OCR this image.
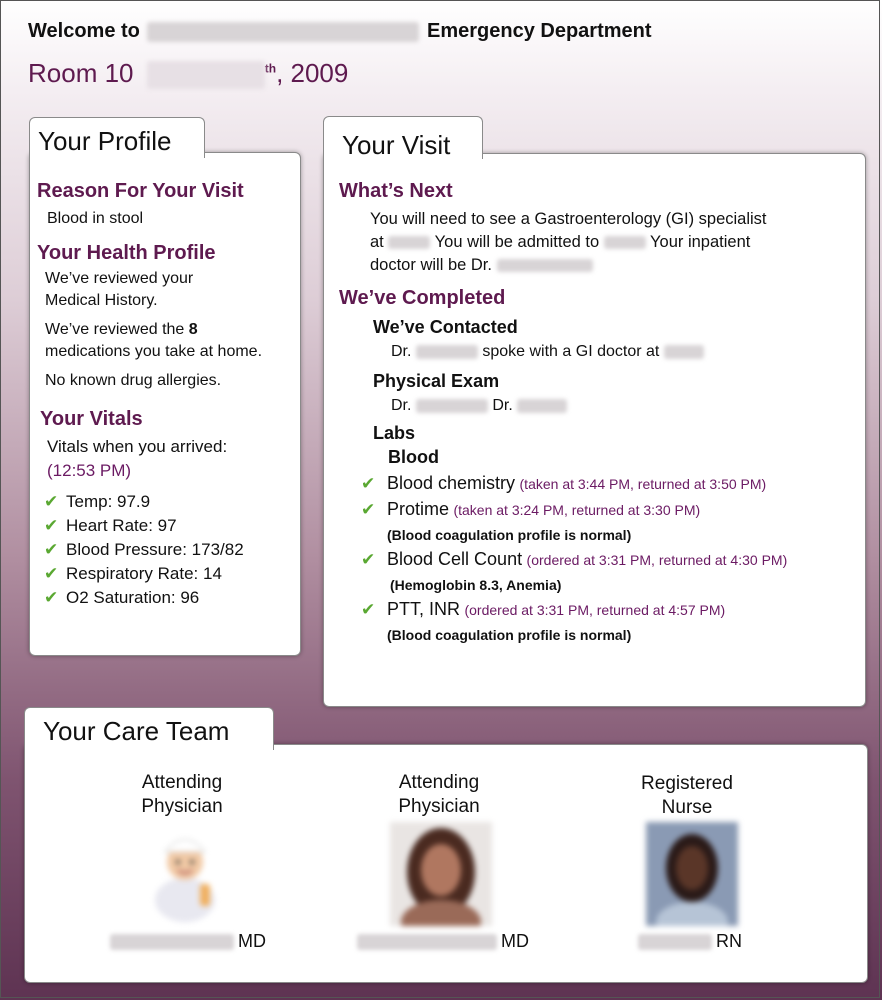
Welcome to	Emergency Department
Room 10	$^{th}$, 2009
Your Profile
Reason For Your Visit
Blood in stool
Your Health Profile
We’ve reviewed your
Medical History.
We’ve reviewed the 8
medications you take at home.
No known drug allergies.
Your Vitals
Vitals when you arrived:
(12:53 PM)
✔ Temp: 97.9
✔ Heart Rate: 97
✔ Blood Pressure: 173/82
✔ Respiratory Rate: 14
✔ O2 Saturation: 96
Your Visit
What’s Next
You will need to see a Gastroenterology (GI) specialist
at	You will be admitted to	Your inpatient
doctor will be Dr.
We’ve Completed
We’ve Contacted
Dr.	spoke with a GI doctor at
Physical Exam
Dr.	Dr.
Labs
Blood
✔ Blood chemistry (taken at 3:44 PM, returned at 3:50 PM)
✔ Protime (taken at 3:24 PM, returned at 3:30 PM)
(Blood coagulation profile is normal)
✔ Blood Cell Count (ordered at 3:31 PM, returned at 4:30 PM)
(Hemoglobin 8.3, Anemia)
✔ PTT, INR (ordered at 3:31 PM, returned at 4:57 PM)
(Blood coagulation profile is normal)
Your Care Team
Attending
Physician
MD
Attending
Physician
MD
Registered
Nurse
RN
